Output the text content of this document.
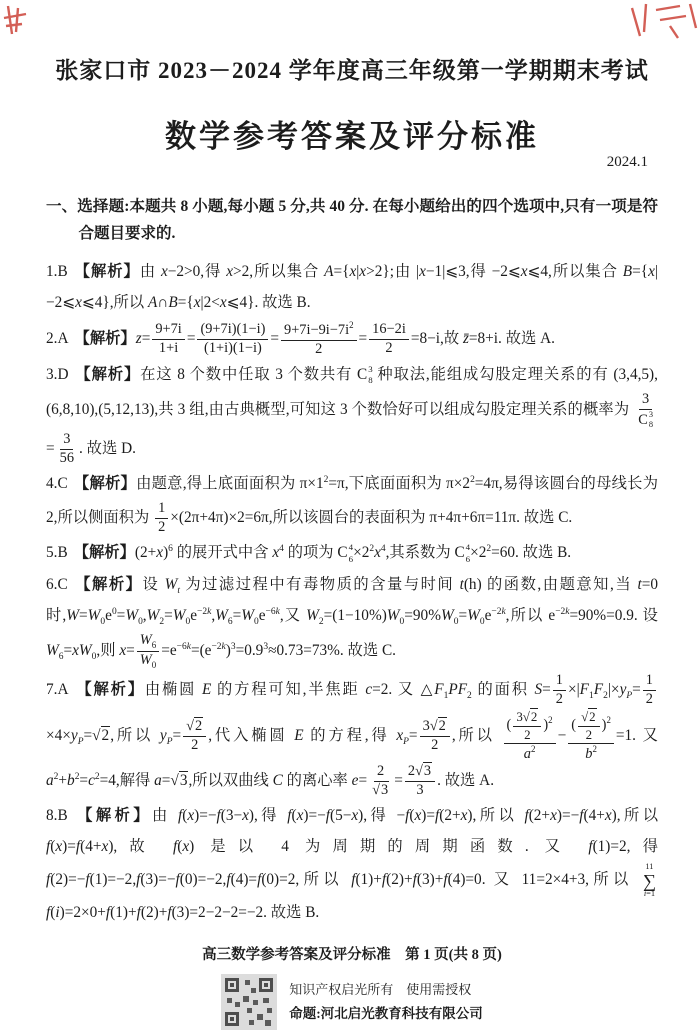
张家口市 2023－2024 学年度高三年级第一学期期末考试
数学参考答案及评分标准
2024.1

一、选择题:本题共 8 小题,每小题 5 分,共 40 分. 在每小题给出的四个选项中,只有一项是符合题目要求的.

1.B 【解析】由 x−2>0,得 x>2,所以集合 A={x|x>2};由 |x−1|⩽3,得 −2⩽x⩽4,所以集合 B={x|−2⩽x⩽4},所以 A∩B={x|2<x⩽4}. 故选 B.
2.A 【解析】$z= \frac{9+7i}{1+i} = \frac{(9+7i)(1-i)}{(1+i)(1-i)} = \frac{9+7i-9i-7i^2}{2} = \frac{16-2i}{2} =8-i$,故 z̄=8+i. 故选 A.
3.D 【解析】在这 8 个数中任取 3 个数共有 C 3
8 种取法,能组成勾股定理关系的有 (3,4,5),(6,8,10),(5,12,13),共 3 组,由古典概型,可知这 3 个数恰好可以组成勾股定理关系的概率为 3
C 3
8
= $\frac{3}{56}$ . 故选 D.
4.C 【解析】由题意,得上底面面积为 $\pi\times 1^2=\pi$,下底面面积为 $\pi\times 2^2=4\pi$,易得该圆台的母线长为 2,所以侧面积为 $\frac{1}{2} \times(2\pi+4\pi)\times 2=6\pi$,所以该圆台的表面积为 π+4π+6π=11π. 故选 C.
5.B 【解析】$(2+x)^6$ 的展开式中含 $x^4$ 的项为 C 4
$6 \times 2^2x^4$,其系数为 C 4
$6 \times 2^2=60$. 故选 B.
6.C 【解析】设 $W_t$ 为过滤过程中有毒物质的含量与时间 t(h) 的函数,由题意知,当 t=0 时$,W=W_0e^0=W_0,W_2=W_0e^{-2k},W_6=W_0e^{-6k}$,又 $W_2=(1-10\%)W_0=90\%W_0=W_0e^{-2k}$,所以 $e^{-2k}=90\%=0.9$. 设 $W_6=xW_0$,则 $x= \frac{W_6}{W_0} =e^{-6k}=(e^{-2k})^3=0.9^3\approx 0.73=73\%$. 故选 C.
7.A 【解析】由椭圆 E 的方程可知,半焦距 c=2. 又 $\triangle F_1PF_2$ 的面积 $S= \frac{1}{2} \times|F_1F_2|\times y_P= \frac{1}{2}$
$\times 4\times y_P=√2$,所以 $y_P= \frac{√2}{2}$ ,代入椭圆 E 的方程,得 $x_P= \frac{3√2}{2}$ ,所以 $\frac{( \frac{3√2}{2} )^2}{a^2} - \frac{( \frac{√2}{2} )^2}{b^2} =1$. 又 $a^2+b^2=c^2=4$,解得 a=√3,所以双曲线 C 的离心率 $e= \frac{2}{√3} = \frac{2√3}{3}$ . 故选 A.
8.B 【解析】由 f(x)=−f(3−x),得 f(x)=−f(5−x),得 −f(x)=f(2+x),所以 f(2+x)=−f(4+x),所以 f(x)=f(4+x),故 f(x) 是以 4 为周期的周期函数. 又 f(1)=2,得 f(2)=−f(1)=−2,f(3)=−f(0)=−2,f(4)=f(0)=2,所以 f(1)+f(2)+f(3)+f(4)=0. 又 11=2×4+3,所以
11
∑
i=1
f(i)=2×0+f(1)+f(2)+f(3)=2−2−2=−2. 故选 B.
高三数学参考答案及评分标准　第 1 页(共 8 页)
知识产权启光所有　使用需授权
命题:河北启光教育科技有限公司
